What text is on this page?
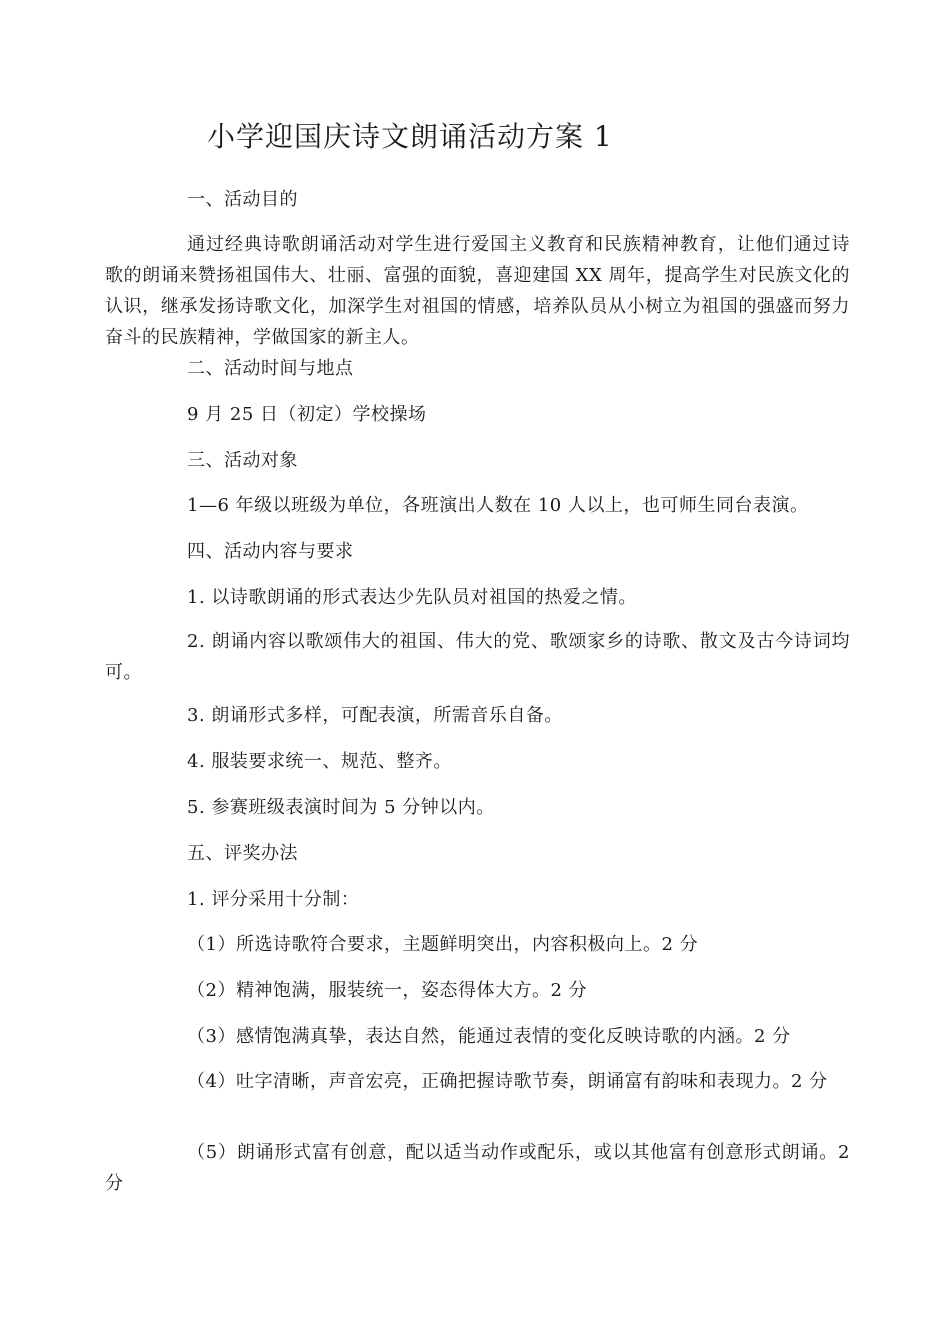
小学迎国庆诗文朗诵活动方案 1
一、活动目的
通过经典诗歌朗诵活动对学生进行爱国主义教育和民族精神教育，让他们通过诗歌的朗诵来赞扬祖国伟大、壮丽、富强的面貌，喜迎建国 XX 周年，提高学生对民族文化的认识，继承发扬诗歌文化，加深学生对祖国的情感，培养队员从小树立为祖国的强盛而努力奋斗的民族精神，学做国家的新主人。
二、活动时间与地点
9 月 25 日（初定）学校操场
三、活动对象
1—6 年级以班级为单位，各班演出人数在 10 人以上，也可师生同台表演。
四、活动内容与要求
1. 以诗歌朗诵的形式表达少先队员对祖国的热爱之情。
2. 朗诵内容以歌颂伟大的祖国、伟大的党、歌颂家乡的诗歌、散文及古今诗词均可。
3. 朗诵形式多样，可配表演，所需音乐自备。
4. 服装要求统一、规范、整齐。
5. 参赛班级表演时间为 5 分钟以内。
五、评奖办法
1. 评分采用十分制：
（1）所选诗歌符合要求，主题鲜明突出，内容积极向上。2 分
（2）精神饱满，服装统一，姿态得体大方。2 分
（3）感情饱满真挚，表达自然，能通过表情的变化反映诗歌的内涵。2 分
（4）吐字清晰，声音宏亮，正确把握诗歌节奏，朗诵富有韵味和表现力。2 分
（5）朗诵形式富有创意，配以适当动作或配乐，或以其他富有创意形式朗诵。2 分
